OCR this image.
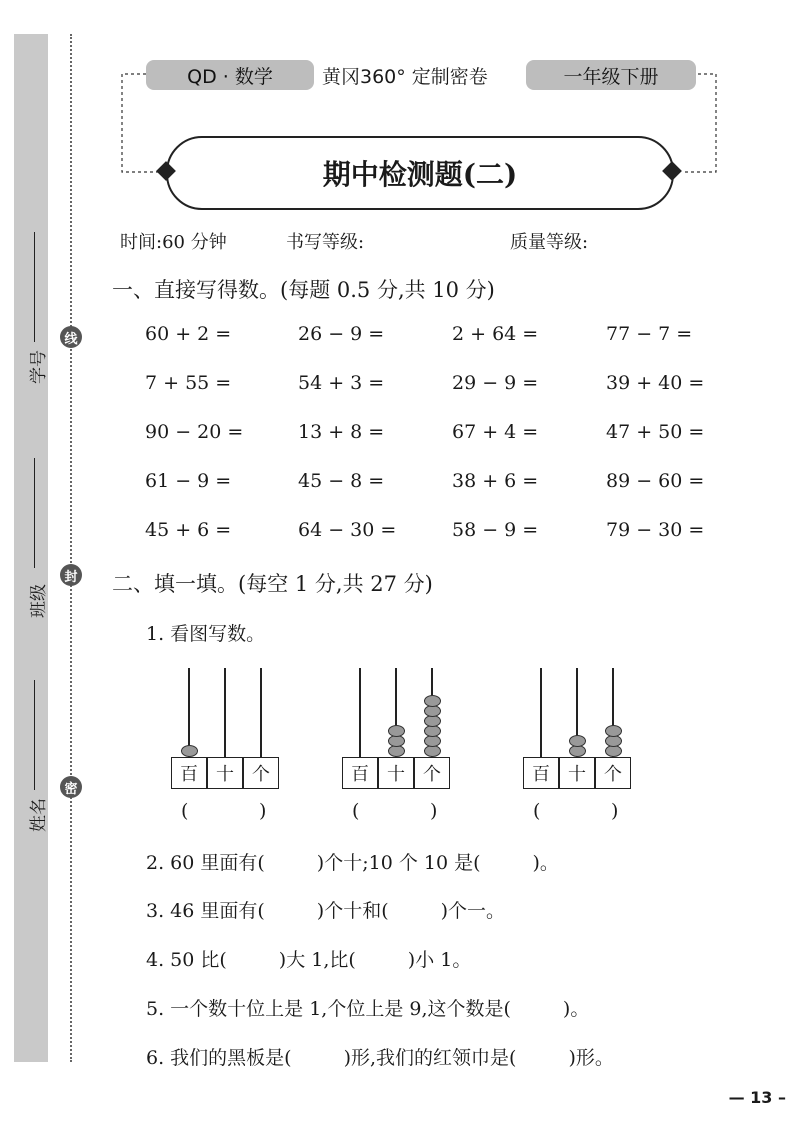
学号
班级
姓名
线
封
密
QD · 数学	黄冈360° 定制密卷	一年级下册
期中检测题(二)
时间:60 分钟	书写等级:	质量等级:
一、直接写得数。(每题 0.5 分,共 10 分)
60 + 2 =	26 − 9 =	2 + 64 =	77 − 7 =
7 + 55 =	54 + 3 =	29 − 9 =	39 + 40 =
90 − 20 =	13 + 8 =	67 + 4 =	47 + 50 =
61 − 9 =	45 − 8 =	38 + 6 =	89 − 60 =
45 + 6 =	64 − 30 =	58 − 9 =	79 − 30 =
二、填一填。(每空 1 分,共 27 分)
1. 看图写数。
百	十	个
(	)
百	十	个
(	)
百	十	个
(	)
2. 60 里面有(	)个十;10 个 10 是(	)。
3. 46 里面有(	)个十和(	)个一。
4. 50 比(	)大 1,比(	)小 1。
5. 一个数十位上是 1,个位上是 9,这个数是(	)。
6. 我们的黑板是(	)形,我们的红领巾是(	)形。
— 13 –
